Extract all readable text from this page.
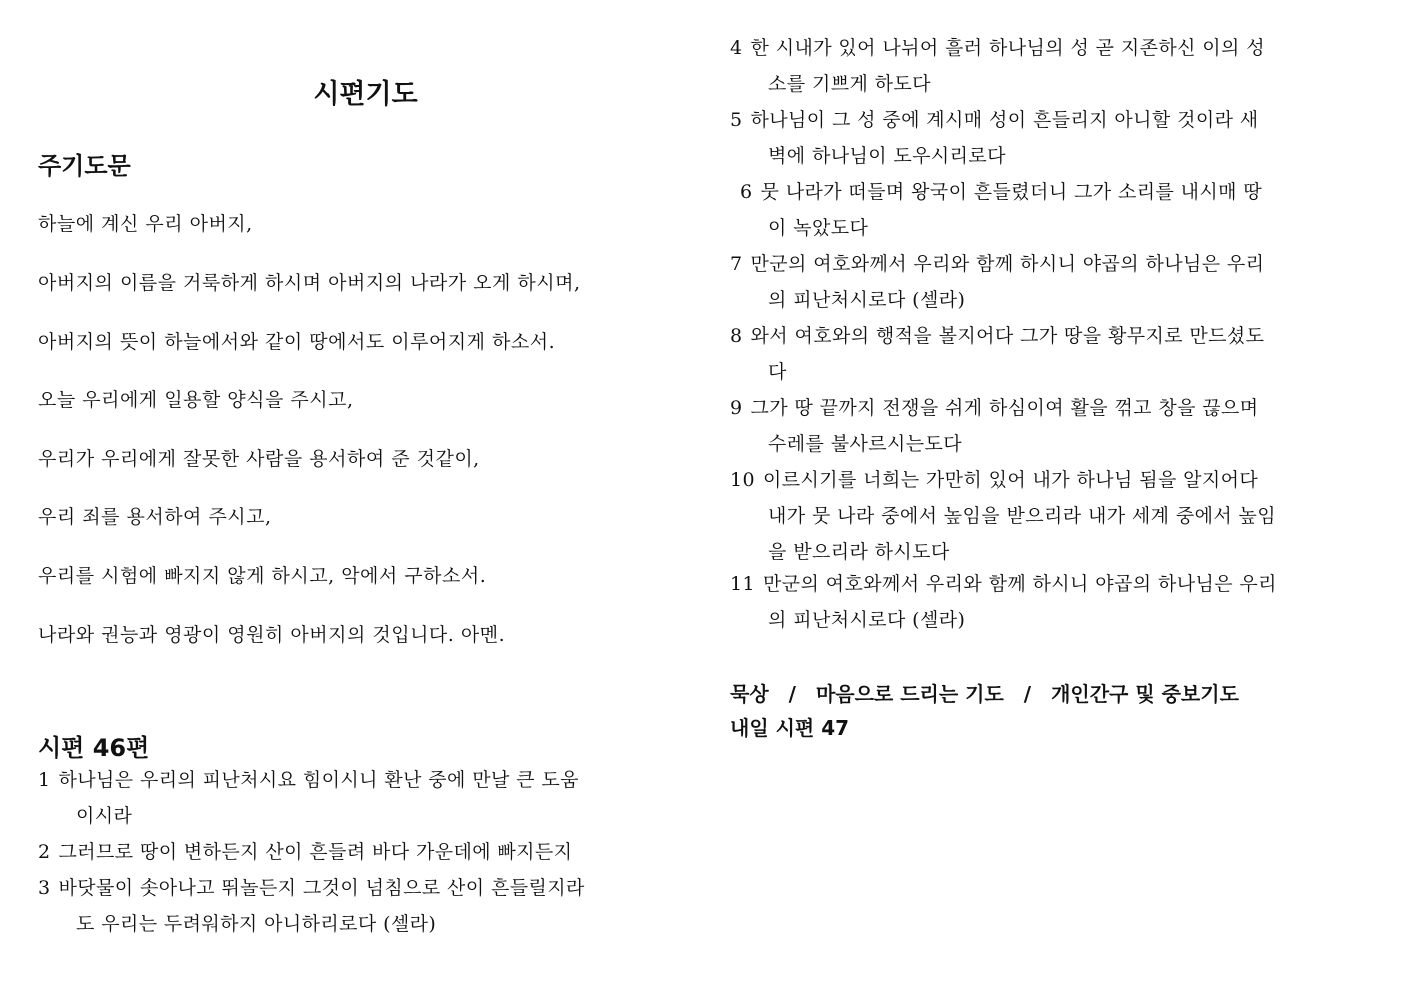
시편기도
주기도문
하늘에 계신 우리 아버지,
아버지의 이름을 거룩하게 하시며 아버지의 나라가 오게 하시며,
아버지의 뜻이 하늘에서와 같이 땅에서도 이루어지게 하소서.
오늘 우리에게 일용할 양식을 주시고,
우리가 우리에게 잘못한 사람을 용서하여 준 것같이,
우리 죄를 용서하여 주시고,
우리를 시험에 빠지지 않게 하시고, 악에서 구하소서.
나라와 권능과 영광이 영원히 아버지의 것입니다. 아멘.
시편 46편
1 하나님은 우리의 피난처시요 힘이시니 환난 중에 만날 큰 도움
이시라
2 그러므로 땅이 변하든지 산이 흔들려 바다 가운데에 빠지든지
3 바닷물이 솟아나고 뛰놀든지 그것이 넘침으로 산이 흔들릴지라
도 우리는 두려워하지 아니하리로다 (셀라)
4 한 시내가 있어 나뉘어 흘러 하나님의 성 곧 지존하신 이의 성
소를 기쁘게 하도다
5 하나님이 그 성 중에 계시매 성이 흔들리지 아니할 것이라 새
벽에 하나님이 도우시리로다
6 뭇 나라가 떠들며 왕국이 흔들렸더니 그가 소리를 내시매 땅
이 녹았도다
7 만군의 여호와께서 우리와 함께 하시니 야곱의 하나님은 우리
의 피난처시로다 (셀라)
8 와서 여호와의 행적을 볼지어다 그가 땅을 황무지로 만드셨도
다
9 그가 땅 끝까지 전쟁을 쉬게 하심이여 활을 꺾고 창을 끊으며
수레를 불사르시는도다
10 이르시기를 너희는 가만히 있어 내가 하나님 됨을 알지어다
내가 뭇 나라 중에서 높임을 받으리라 내가 세계 중에서 높임
을 받으리라 하시도다
11 만군의 여호와께서 우리와 함께 하시니 야곱의 하나님은 우리
의 피난처시로다 (셀라)
묵상 / 마음으로 드리는 기도 / 개인간구 및 중보기도
내일 시편 47
